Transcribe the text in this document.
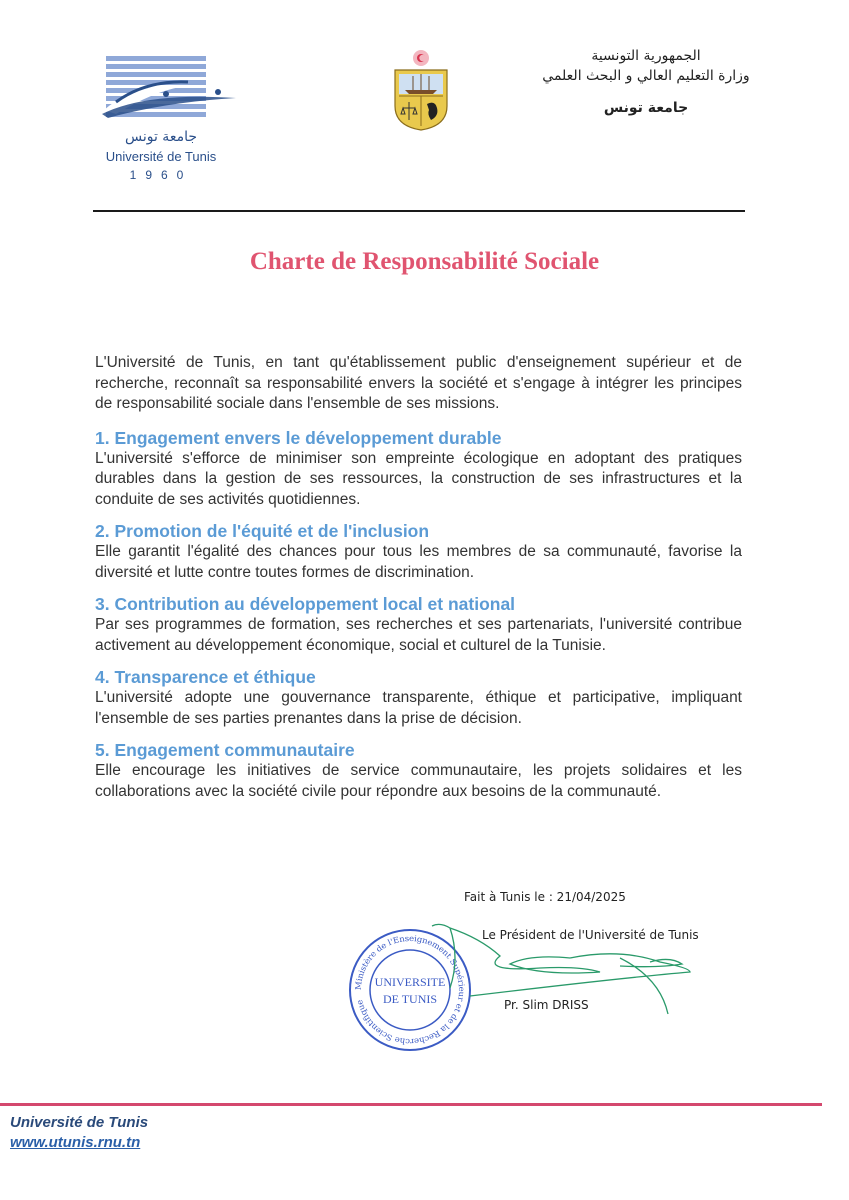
جامعة تونس
Université de Tunis
1960
الجمهورية التونسية
وزارة التعليم العالي و البحث العلمي
جامعة تونس
Charte de Responsabilité Sociale

L'Université de Tunis, en tant qu'établissement public d'enseignement supérieur et de recherche, reconnaît sa responsabilité envers la société et s'engage à intégrer les principes de responsabilité sociale dans l'ensemble de ses missions.

1. Engagement envers le développement durable

L'université s'efforce de minimiser son empreinte écologique en adoptant des pratiques durables dans la gestion de ses ressources, la construction de ses infrastructures et la conduite de ses activités quotidiennes.

2. Promotion de l'équité et de l'inclusion

Elle garantit l'égalité des chances pour tous les membres de sa communauté, favorise la diversité et lutte contre toutes formes de discrimination.

3. Contribution au développement local et national

Par ses programmes de formation, ses recherches et ses partenariats, l'université contribue activement au développement économique, social et culturel de la Tunisie.

4. Transparence et éthique

L'université adopte une gouvernance transparente, éthique et participative, impliquant l'ensemble de ses parties prenantes dans la prise de décision.

5. Engagement communautaire

Elle encourage les initiatives de service communautaire, les projets solidaires et les collaborations avec la société civile pour répondre aux besoins de la communauté.

Fait à Tunis le : 21/04/2025
Le Président de l'Université de Tunis
Pr. Slim DRISS
Ministère de l'Enseignement Supérieur et de la Recherche Scientifique
UNIVERSITE
DE TUNIS
Université de Tunis
www.utunis.rnu.tn
